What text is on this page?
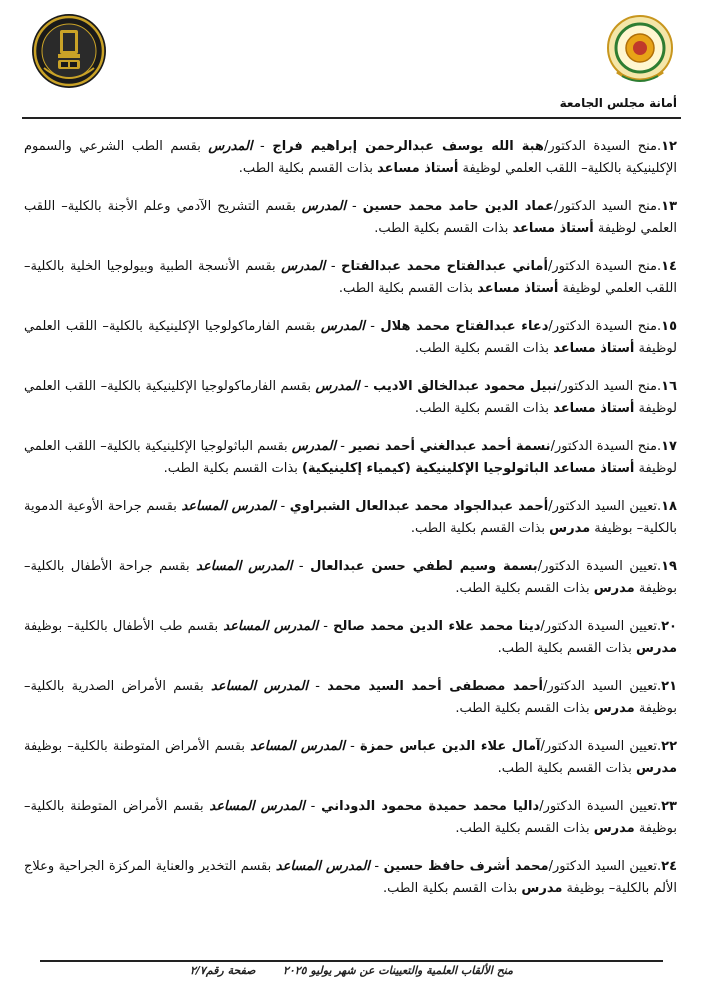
أمانة مجلس الجامعة
١٢.منح السيدة الدكتور/هبة الله يوسف عبدالرحمن إبراهيم فراج - المدرس بقسم الطب الشرعي والسموم الإكلينيكية بالكلية– اللقب العلمي لوظيفة أستاذ مساعد بذات القسم بكلية الطب.
١٣.منح السيد الدكتور/عماد الدين حامد محمد حسين - المدرس بقسم التشريح الآدمي وعلم الأجنة بالكلية– اللقب العلمي لوظيفة أستاذ مساعد بذات القسم بكلية الطب.
١٤.منح السيدة الدكتور/أماني عبدالفتاح محمد عبدالفتاح - المدرس بقسم الأنسجة الطبية وبيولوجيا الخلية بالكلية– اللقب العلمي لوظيفة أستاذ مساعد بذات القسم بكلية الطب.
١٥.منح السيدة الدكتور/دعاء عبدالفتاح محمد هلال - المدرس بقسم الفارماكولوجيا الإكلينيكية بالكلية– اللقب العلمي لوظيفة أستاذ مساعد بذات القسم بكلية الطب.
١٦.منح السيد الدكتور/نبيل محمود عبدالخالق الاديب - المدرس بقسم الفارماكولوجيا الإكلينيكية بالكلية– اللقب العلمي لوظيفة أستاذ مساعد بذات القسم بكلية الطب.
١٧.منح السيدة الدكتور/نسمة أحمد عبدالغني أحمد نصير - المدرس بقسم الباثولوجيا الإكلينيكية بالكلية– اللقب العلمي لوظيفة أستاذ مساعد الباثولوجيا الإكلينيكية (كيمياء إكلينيكية) بذات القسم بكلية الطب.
١٨.تعيين السيد الدكتور/أحمد عبدالجواد محمد عبدالعال الشبراوي - المدرس المساعد بقسم جراحة الأوعية الدموية بالكلية– بوظيفة مدرس بذات القسم بكلية الطب.
١٩.تعيين السيدة الدكتور/بسمة وسيم لطفي حسن عبدالعال - المدرس المساعد بقسم جراحة الأطفال بالكلية– بوظيفة مدرس بذات القسم بكلية الطب.
٢٠.تعيين السيدة الدكتور/دينا محمد علاء الدين محمد صالح - المدرس المساعد بقسم طب الأطفال بالكلية– بوظيفة مدرس بذات القسم بكلية الطب.
٢١.تعيين السيد الدكتور/أحمد مصطفى أحمد السيد محمد - المدرس المساعد بقسم الأمراض الصدرية بالكلية– بوظيفة مدرس بذات القسم بكلية الطب.
٢٢.تعيين السيدة الدكتور/آمال علاء الدين عباس حمزة - المدرس المساعد بقسم الأمراض المتوطنة بالكلية– بوظيفة مدرس بذات القسم بكلية الطب.
٢٣.تعيين السيدة الدكتور/داليا محمد حميدة محمود الدوداني - المدرس المساعد بقسم الأمراض المتوطنة بالكلية– بوظيفة مدرس بذات القسم بكلية الطب.
٢٤.تعيين السيد الدكتور/محمد أشرف حافظ حسين - المدرس المساعد بقسم التخدير والعناية المركزة الجراحية وعلاج الألم بالكلية– بوظيفة مدرس بذات القسم بكلية الطب.
منح الألقاب العلمية والتعيينات عن شهر يوليو ٢٠٢٥
صفحة رقم٢/٧
